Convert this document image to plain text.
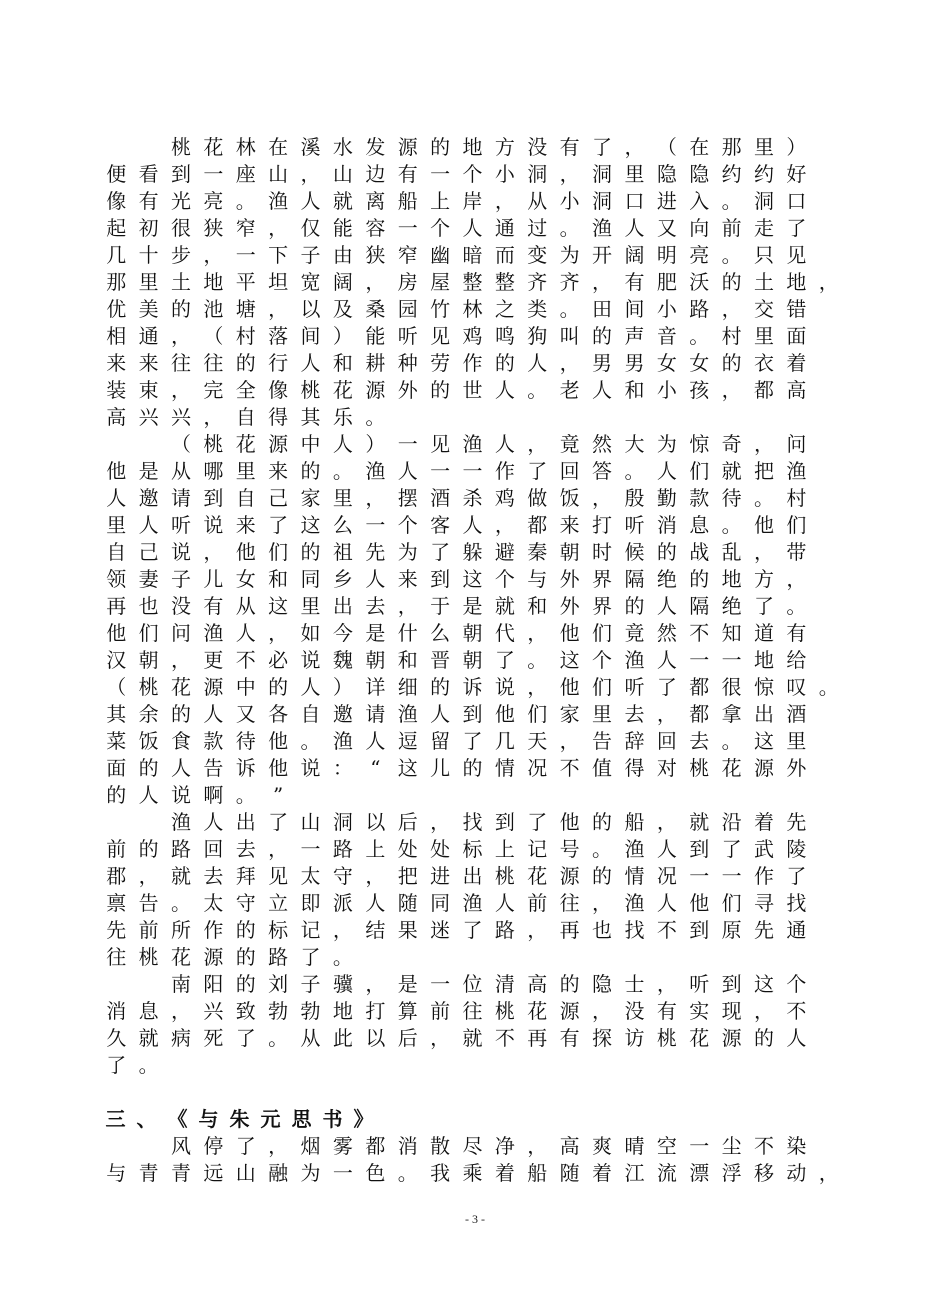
　　桃 花 林 在 溪 水 发 源 的 地 方 没 有 了 ， （ 在 那 里 ）
便 看 到 一 座 山 ， 山 边 有 一 个 小 洞 ， 洞 里 隐 隐 约 约 好
像 有 光 亮 。 渔 人 就 离 船 上 岸 ， 从 小 洞 口 进 入 。 洞 口
起 初 很 狭 窄 ， 仅 能 容 一 个 人 通 过 。 渔 人 又 向 前 走 了
几 十 步 ， 一 下 子 由 狭 窄 幽 暗 而 变 为 开 阔 明 亮 。 只 见
那 里 土 地 平 坦 宽 阔 ， 房 屋 整 整 齐 齐 ， 有 肥 沃 的 土 地 ，
优 美 的 池 塘 ， 以 及 桑 园 竹 林 之 类 。 田 间 小 路 ， 交 错
相 通 ， （ 村 落 间 ） 能 听 见 鸡 鸣 狗 叫 的 声 音 。 村 里 面
来 来 往 往 的 行 人 和 耕 种 劳 作 的 人 ， 男 男 女 女 的 衣 着
装 束 ， 完 全 像 桃 花 源 外 的 世 人 。 老 人 和 小 孩 ， 都 高
高 兴 兴 ， 自 得 其 乐 。
　　（ 桃 花 源 中 人 ） 一 见 渔 人 ， 竟 然 大 为 惊 奇 ， 问
他 是 从 哪 里 来 的 。 渔 人 一 一 作 了 回 答 。 人 们 就 把 渔
人 邀 请 到 自 己 家 里 ， 摆 酒 杀 鸡 做 饭 ， 殷 勤 款 待 。 村
里 人 听 说 来 了 这 么 一 个 客 人 ， 都 来 打 听 消 息 。 他 们
自 己 说 ， 他 们 的 祖 先 为 了 躲 避 秦 朝 时 候 的 战 乱 ， 带
领 妻 子 儿 女 和 同 乡 人 来 到 这 个 与 外 界 隔 绝 的 地 方 ，
再 也 没 有 从 这 里 出 去 ， 于 是 就 和 外 界 的 人 隔 绝 了 。
他 们 问 渔 人 ， 如 今 是 什 么 朝 代 ， 他 们 竟 然 不 知 道 有
汉 朝 ， 更 不 必 说 魏 朝 和 晋 朝 了 。 这 个 渔 人 一 一 地 给
（ 桃 花 源 中 的 人 ） 详 细 的 诉 说 ， 他 们 听 了 都 很 惊 叹 。
其 余 的 人 又 各 自 邀 请 渔 人 到 他 们 家 里 去 ， 都 拿 出 酒
菜 饭 食 款 待 他 。 渔 人 逗 留 了 几 天 ， 告 辞 回 去 。 这 里
面 的 人 告 诉 他 说 ： “ 这 儿 的 情 况 不 值 得 对 桃 花 源 外
的 人 说 啊 。 ”
　　渔 人 出 了 山 洞 以 后 ， 找 到 了 他 的 船 ， 就 沿 着 先
前 的 路 回 去 ， 一 路 上 处 处 标 上 记 号 。 渔 人 到 了 武 陵
郡 ， 就 去 拜 见 太 守 ， 把 进 出 桃 花 源 的 情 况 一 一 作 了
禀 告 。 太 守 立 即 派 人 随 同 渔 人 前 往 ， 渔 人 他 们 寻 找
先 前 所 作 的 标 记 ， 结 果 迷 了 路 ， 再 也 找 不 到 原 先 通
往 桃 花 源 的 路 了 。
　　南 阳 的 刘 子 骥 ， 是 一 位 清 高 的 隐 士 ， 听 到 这 个
消 息 ， 兴 致 勃 勃 地 打 算 前 往 桃 花 源 ， 没 有 实 现 ， 不
久 就 病 死 了 。 从 此 以 后 ， 就 不 再 有 探 访 桃 花 源 的 人
了 。
三 、 《 与 朱 元 思 书 》
　　风 停 了 ， 烟 雾 都 消 散 尽 净 ， 高 爽 晴 空 一 尘 不 染
与 青 青 远 山 融 为 一 色 。 我 乘 着 船 随 着 江 流 漂 浮 移 动 ，
- 3 -
